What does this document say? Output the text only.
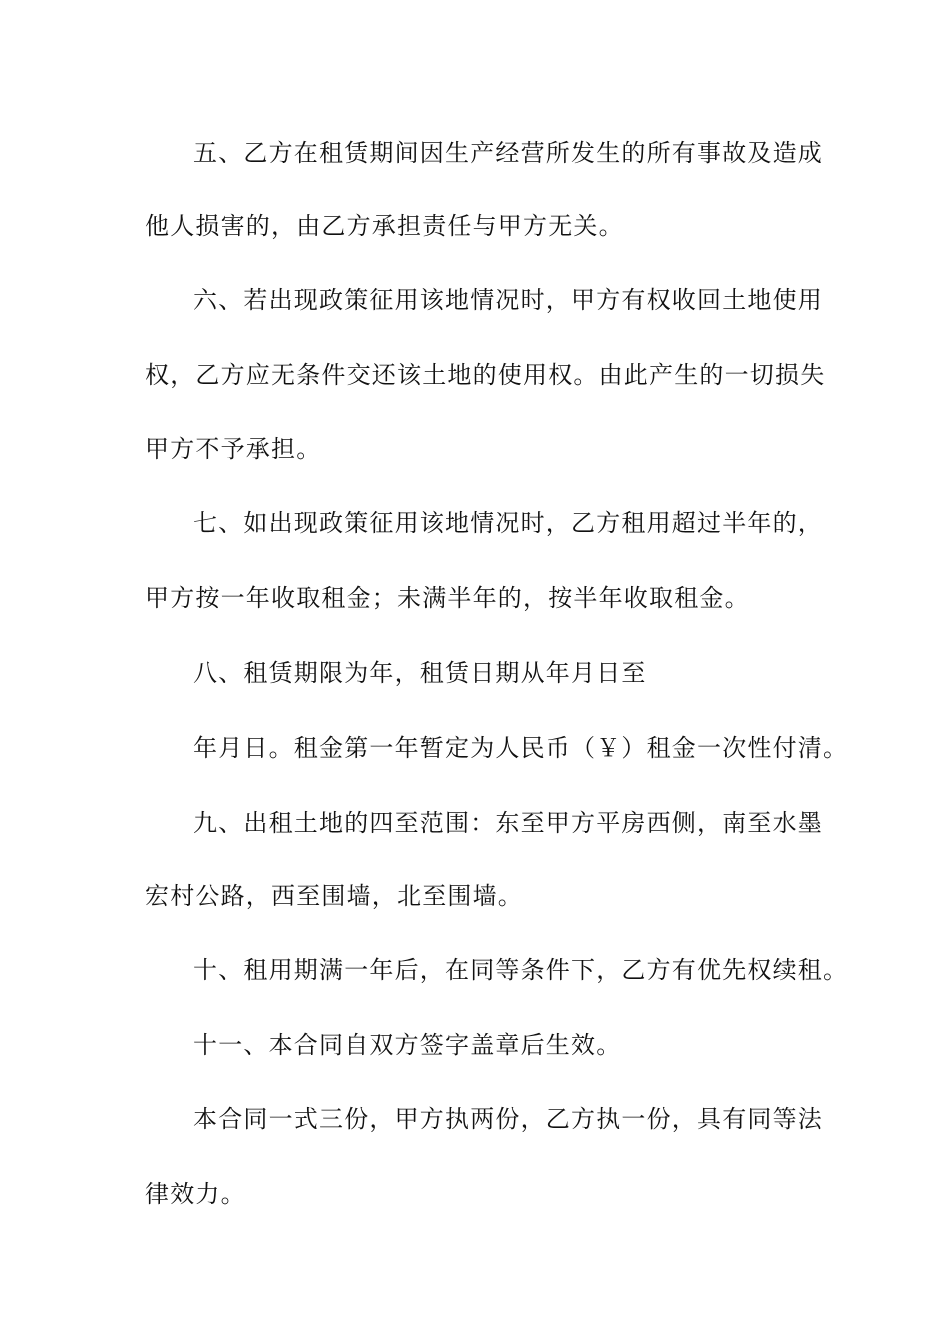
五、乙方在租赁期间因生产经营所发生的所有事故及造成
他人损害的，由乙方承担责任与甲方无关。
六、若出现政策征用该地情况时，甲方有权收回土地使用
权，乙方应无条件交还该土地的使用权。由此产生的一切损失
甲方不予承担。
七、如出现政策征用该地情况时，乙方租用超过半年的，
甲方按一年收取租金；未满半年的，按半年收取租金。
八、租赁期限为年，租赁日期从年月日至
年月日。租金第一年暂定为人民币（￥）租金一次性付清。
九、出租土地的四至范围：东至甲方平房西侧，南至水墨
宏村公路，西至围墙，北至围墙。
十、租用期满一年后，在同等条件下，乙方有优先权续租。
十一、本合同自双方签字盖章后生效。
本合同一式三份，甲方执两份，乙方执一份，具有同等法
律效力。
